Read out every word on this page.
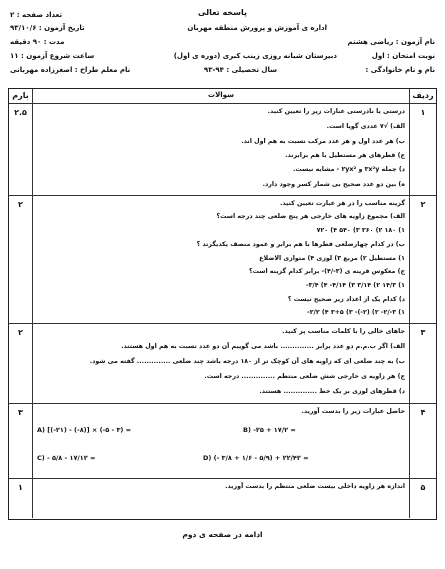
پاسخه تعالی
تعداد صفحه : ۲
اداره ی آموزش و پرورش منطقه مهربان
تاریخ آزمون : ۹۳/۱۰/۶
نام آزمون : ریاضی هشتم
مدت : ۹۰ دقیقه
نوبت امتحان : اول
دبیرستان شبانه روزی زینب کبری (دوره ی اول)
ساعت شروع آزمون : ۱۱
نام و نام خانوادگی :
سال تحصیلی : ۹۴-۹۳
نام معلم طراح : اصغرزاده مهربانی
ردیف
سوالات
بارم
۱
درستی یا نادرستی عبارات زیر را تعیین کنید.
الف) √۷ عددی گویا است.
ب) هر عدد اول و هر عدد مرکب نسبت به هم اول اند.
ج) قطرهای هر مستطیل با هم برابرند.
د) جمله ۳x²y و ۲yx² - مشابه نیست.
ه) بین دو عدد صحیح بی شمار کسر وجود دارد.
۲.۵
۲
گزینه مناسب را در هر عبارت تعیین کنید.
الف) مجموع زاویه های خارجی هر پنج ضلعی چند درجه است؟
۱) ۱۸۰ ۲) ۳۶۰ ۳) ۵۴۰ ۴) ۷۲۰
ب) در کدام چهارضلعی قطرها با هم برابر و عمود منصف یکدیگرند ؟
۱) مستطیل ۲) مربع ۳) لوزی ۴) متوازی الاضلاع
ج) معکوس قرینه ی (۳-/۴)- برابر کدام گزینه است؟
۱) ۱۴/۳ ۲) ۳/۱۴ ۳) ۴/۱۴- ۴) ۳/۴-
د) کدام یک از اعداد زیر صحیح نیست ؟
۱) ۳-/۲- ۲) (۲-)- ۳) ۳+۵ ۴) ۲/۲-
۲
۳
جاهای خالی را با کلمات مناسب پر کنید.
الف) اگر ب.م.م دو عدد برابر .............. باشد می گوییم آن دو عدد نسبت به هم اول هستند.
ب) به چند ضلعی ای که زاویه های آن کوچک تر از ۱۸۰ درجه باشد چند ضلعی .............. گفته می شود.
ج) هر زاویه ی خارجی شش ضلعی منتظم .............. درجه است.
د) قطرهای لوزی بر یک خط .............. هستند.
۲
۴
حاصل عبارات زیر را بدست آورید.
A) [(-۲۱) - (-۸)] × (-۵ - ۳) =	B) -۲۵ + ۱۷/۲ =
C) - ۵/۸ - ۱۷/۱۲ =	D) (- ۳/۸ + ۱/۶ - ۵/۹) + ۲۲/۴۲ =
۳
۵
اندازه هر زاویه داخلی بیست ضلعی منتظم را بدست آورید.
۱
ادامه در صفحه ی دوم
